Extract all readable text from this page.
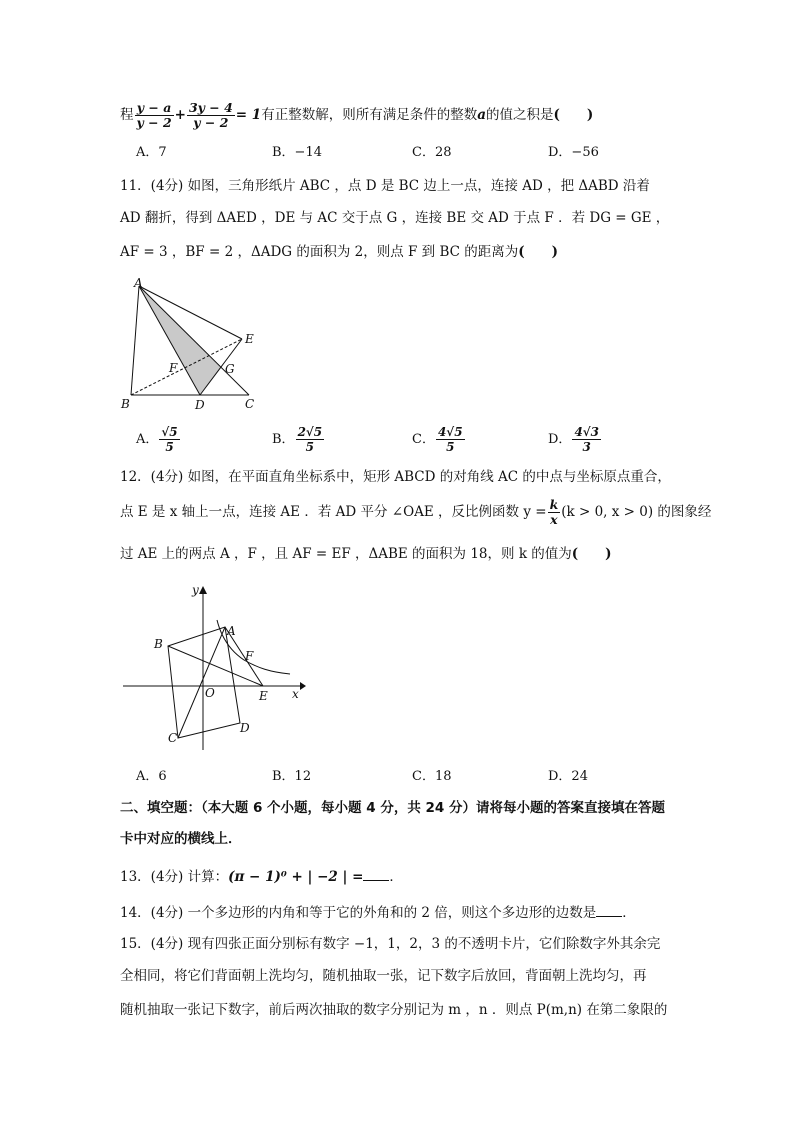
程 $\frac{y - a}{y - 2} + \frac{3y - 4}{y - 2} = 1$有正整数解，则所有满足条件的整数a的值之积是(　　)
A．7	B．−14	C．28	D．−56
11．(4分) 如图，三角形纸片 ABC ，点 D 是 BC 边上一点，连接 AD ，把 ΔABD 沿着
AD 翻折，得到 ΔAED ，DE 与 AC 交于点 G ，连接 BE 交 AD 于点 F ．若 DG = GE ，
AF = 3 ，BF = 2 ，ΔADG 的面积为 2，则点 F 到 BC 的距离为(　　)
A
E
F	G
B	D	C
A． $\frac{√5}{5}$	B． $\frac{2√5}{5}$	C． $\frac{4√5}{5}$	D． $\frac{4√3}{3}$
12．(4分) 如图，在平面直角坐标系中，矩形 ABCD 的对角线 AC 的中点与坐标原点重合，
点 E 是 x 轴上一点，连接 AE ．若 AD 平分 ∠OAE ，反比例函数 $y = \frac{k}{x} (k > 0$, x > 0) 的图象经
过 AE 上的两点 A ，F ，且 AF = EF ，ΔABE 的面积为 18，则 k 的值为(　　)
y
A
B
F
O	E x
C
D
A．6	B．12	C．18	D．24
二、填空题：（本大题 6 个小题，每小题 4 分，共 24 分）请将每小题的答案直接填在答题
卡中对应的横线上．
13．(4分) 计算：(π − 1)⁰ + | −2 | = ．
14．(4分) 一个多边形的内角和等于它的外角和的 2 倍，则这个多边形的边数是 ．
15．(4分) 现有四张正面分别标有数字 −1，1，2，3 的不透明卡片，它们除数字外其余完
全相同，将它们背面朝上洗均匀，随机抽取一张，记下数字后放回，背面朝上洗均匀，再
随机抽取一张记下数字，前后两次抽取的数字分别记为 m ，n ．则点 P(m,n) 在第二象限的
